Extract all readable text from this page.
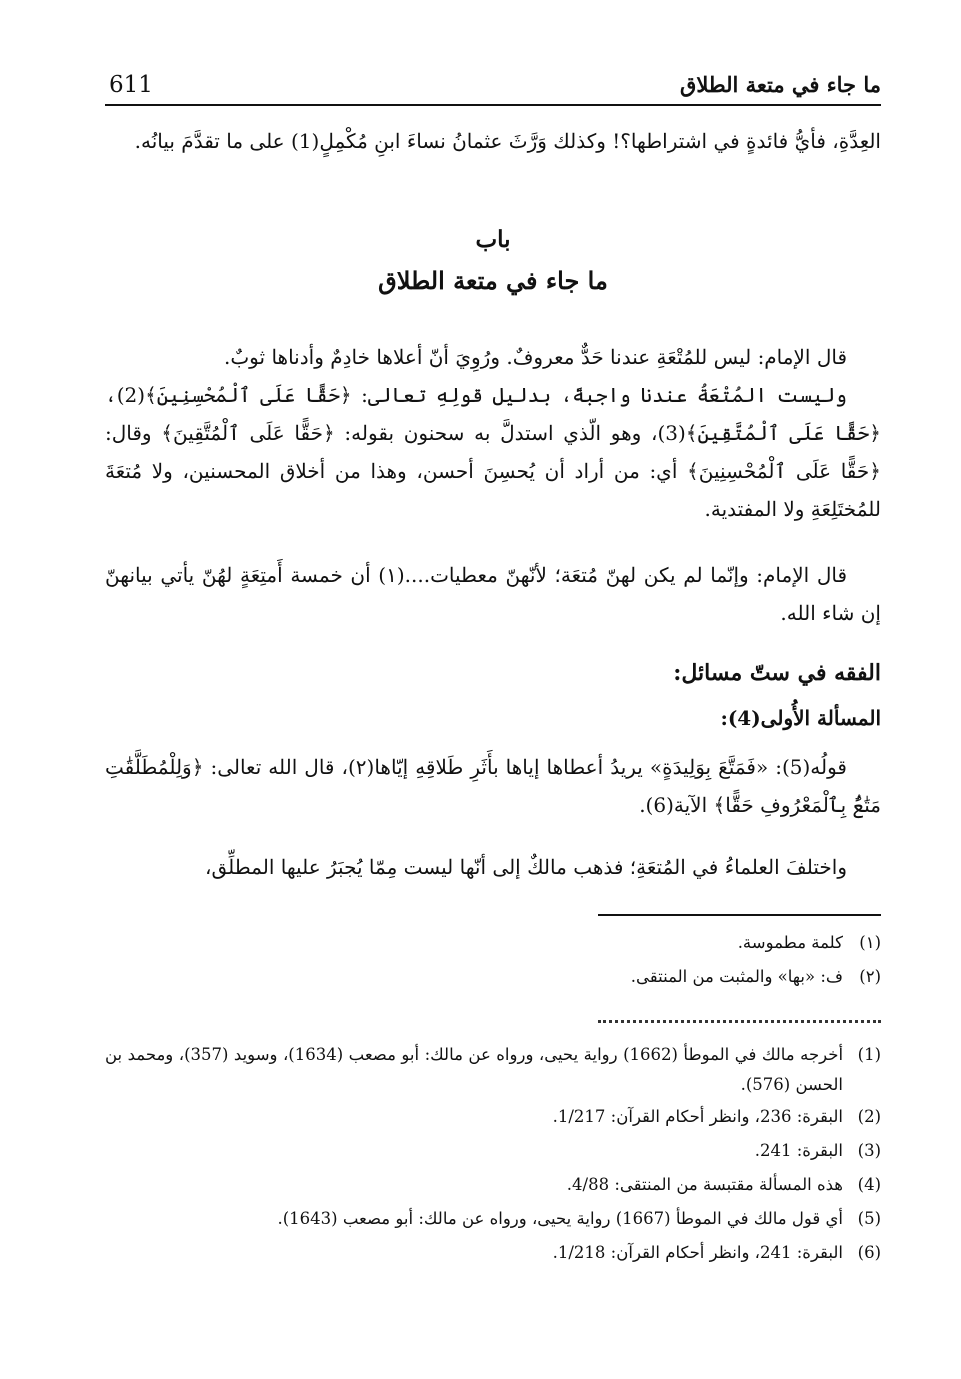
611	ما جاء في متعة الطلاق

العِدَّةِ، فأيُّ فائدةٍ في اشتراطها؟! وكذلك وَرَّثَ عثمانُ نساءَ ابنِ مُكْمِلٍ(1) على ما تقدَّمَ بيانُه.

باب
ما جاء في متعة الطلاق

قال الإمام: ليس للمُتْعَةِ عندنا حَدٌّ معروفٌ. ورُوِيَ أنّ أعلاها خادِمٌ وأدناها ثوبٌ.

وليست المُتْعَةُ عندنا واجبةً، بدليل قولِهِ تعالى: ﴿حَقًّا عَلَى ٱلْمُحْسِنِينَ﴾(2)، ﴿حَقًّا عَلَى ٱلْمُتَّقِينَ﴾(3)، وهو الّذي استدلَّ به سحنون بقوله: ﴿حَقًّا عَلَى ٱلْمُتَّقِينَ﴾ وقال: ﴿حَقًّا عَلَى ٱلْمُحْسِنِينَ﴾ أي: من أراد أن يُحسِنَ أحسن، وهذا من أخلاق المحسنين، ولا مُتعَةَ للمُختَلِعَةِ ولا المفتدية.

قال الإمام: وإنّما لم يكن لهنّ مُتعَة؛ لأنّهنّ معطيات....(١) أن خمسة أَمتِعَةٍ لهُنّ يأتي بيانهنّ إن شاء الله.

الفقه في ستّ مسائل:
المسألة الأُولى(4):

قولُه(5): «فَمَتَّعَ بِوَلِيدَةٍ» يريدُ أعطاها إياها بأَثَرِ طَلاقِهِ إيّاها(٢)، قال الله تعالى: ﴿وَلِلْمُطَلَّقَٰتِ مَتَٰعٌۢ بِٱلْمَعْرُوفِ حَقًّا﴾ الآية(6).

واختلفَ العلماءُ في المُتعَةِ؛ فذهب مالكٌ إلى أنّها ليست مِمّا يُجبَرُ عليها المطلِّق،

(١)
كلمة مطموسة.
(٢)
ف: «بها» والمثبت من المنتقى.
(1)
أخرجه مالك في الموطأ (1662) رواية يحيى، ورواه عن مالك: أبو مصعب (1634)، وسويد (357)، ومحمد بن الحسن (576).
(2)
البقرة: 236، وانظر أحكام القرآن: 1/217.
(3)
البقرة: 241.
(4)
هذه المسألة مقتبسة من المنتقى: 4/88.
(5)
أي قول مالك في الموطأ (1667) رواية يحيى، ورواه عن مالك: أبو مصعب (1643).
(6)
البقرة: 241، وانظر أحكام القرآن: 1/218.
